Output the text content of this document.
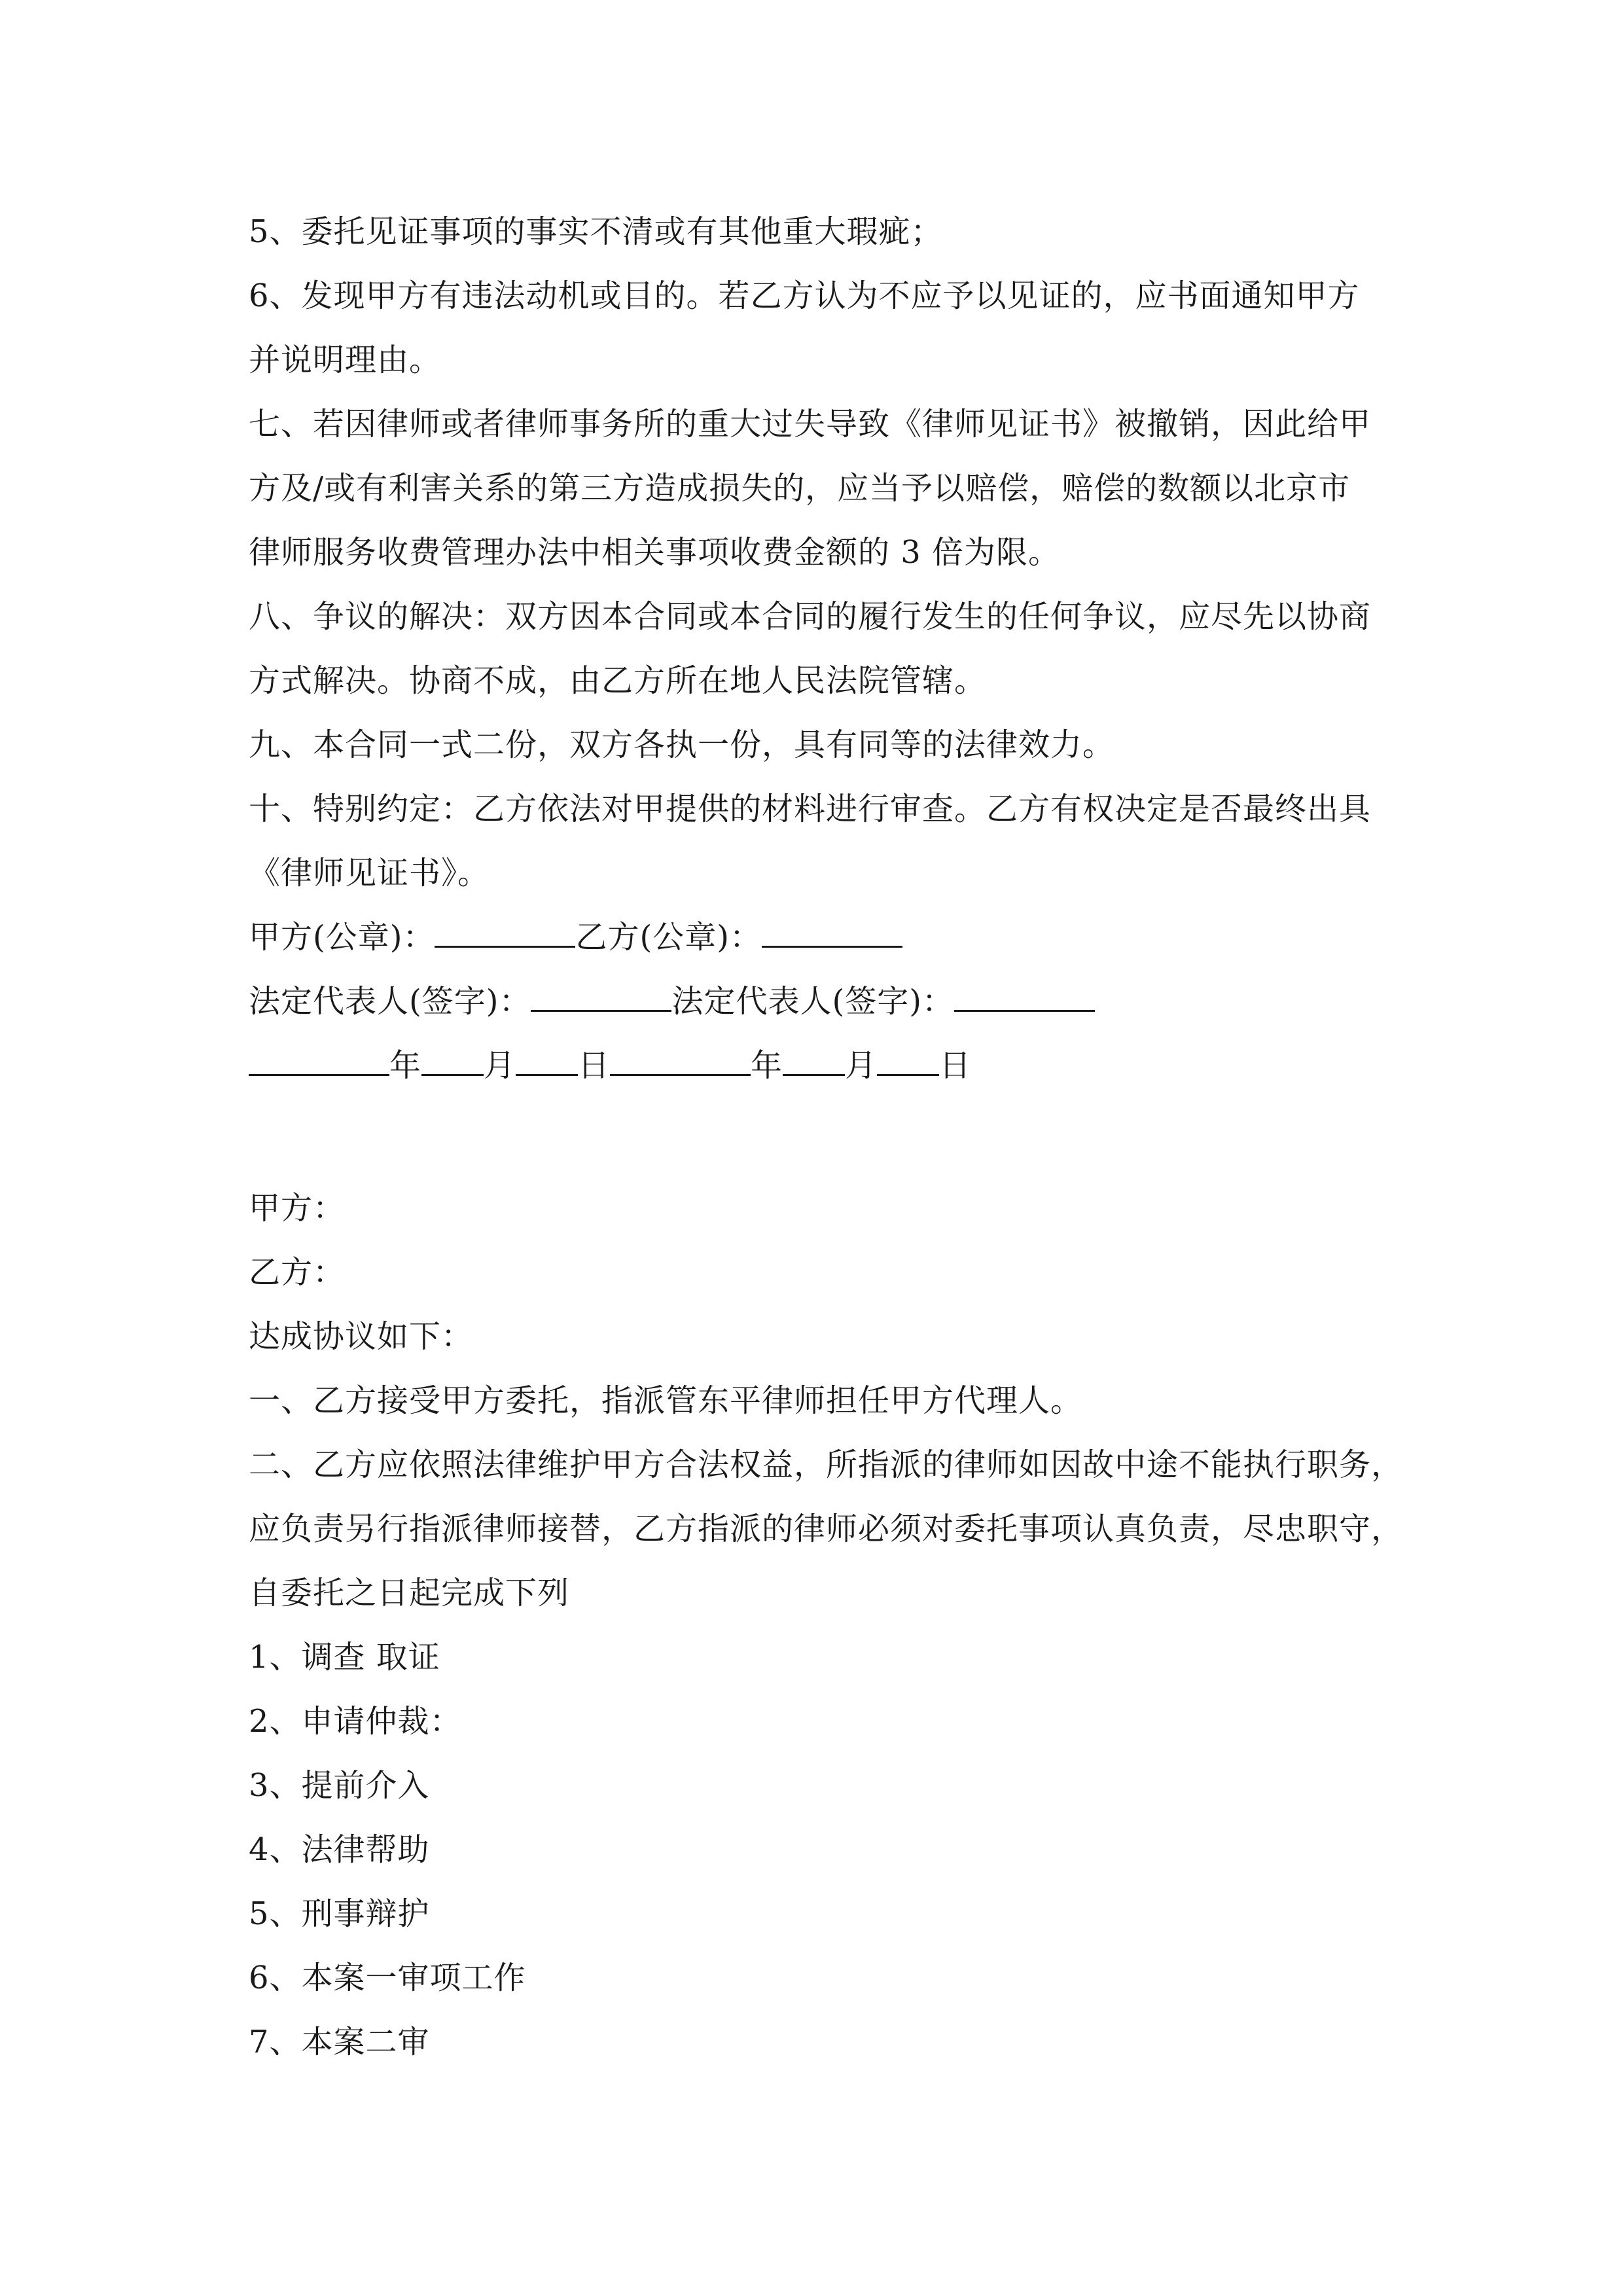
5、委托见证事项的事实不清或有其他重大瑕疵；
6、发现甲方有违法动机或目的。若乙方认为不应予以见证的，应书面通知甲方
并说明理由。
七、若因律师或者律师事务所的重大过失导致《律师见证书》被撤销，因此给甲
方及/或有利害关系的第三方造成损失的，应当予以赔偿，赔偿的数额以北京市
律师服务收费管理办法中相关事项收费金额的 3 倍为限。
八、争议的解决：双方因本合同或本合同的履行发生的任何争议，应尽先以协商
方式解决。协商不成，由乙方所在地人民法院管辖。
九、本合同一式二份，双方各执一份，具有同等的法律效力。
十、特别约定：乙方依法对甲提供的材料进行审查。乙方有权决定是否最终出具
《律师见证书》。
甲方(公章)：	乙方(公章)：
法定代表人(签字)：	法定代表人(签字)：
年 月 日	年 月 日
甲方：
乙方：
达成协议如下：
一、乙方接受甲方委托，指派管东平律师担任甲方代理人。
二、乙方应依照法律维护甲方合法权益，所指派的律师如因故中途不能执行职务，
应负责另行指派律师接替，乙方指派的律师必须对委托事项认真负责，尽忠职守，
自委托之日起完成下列
1、调查 取证
2、申请仲裁：
3、提前介入
4、法律帮助
5、刑事辩护
6、本案一审项工作
7、本案二审
